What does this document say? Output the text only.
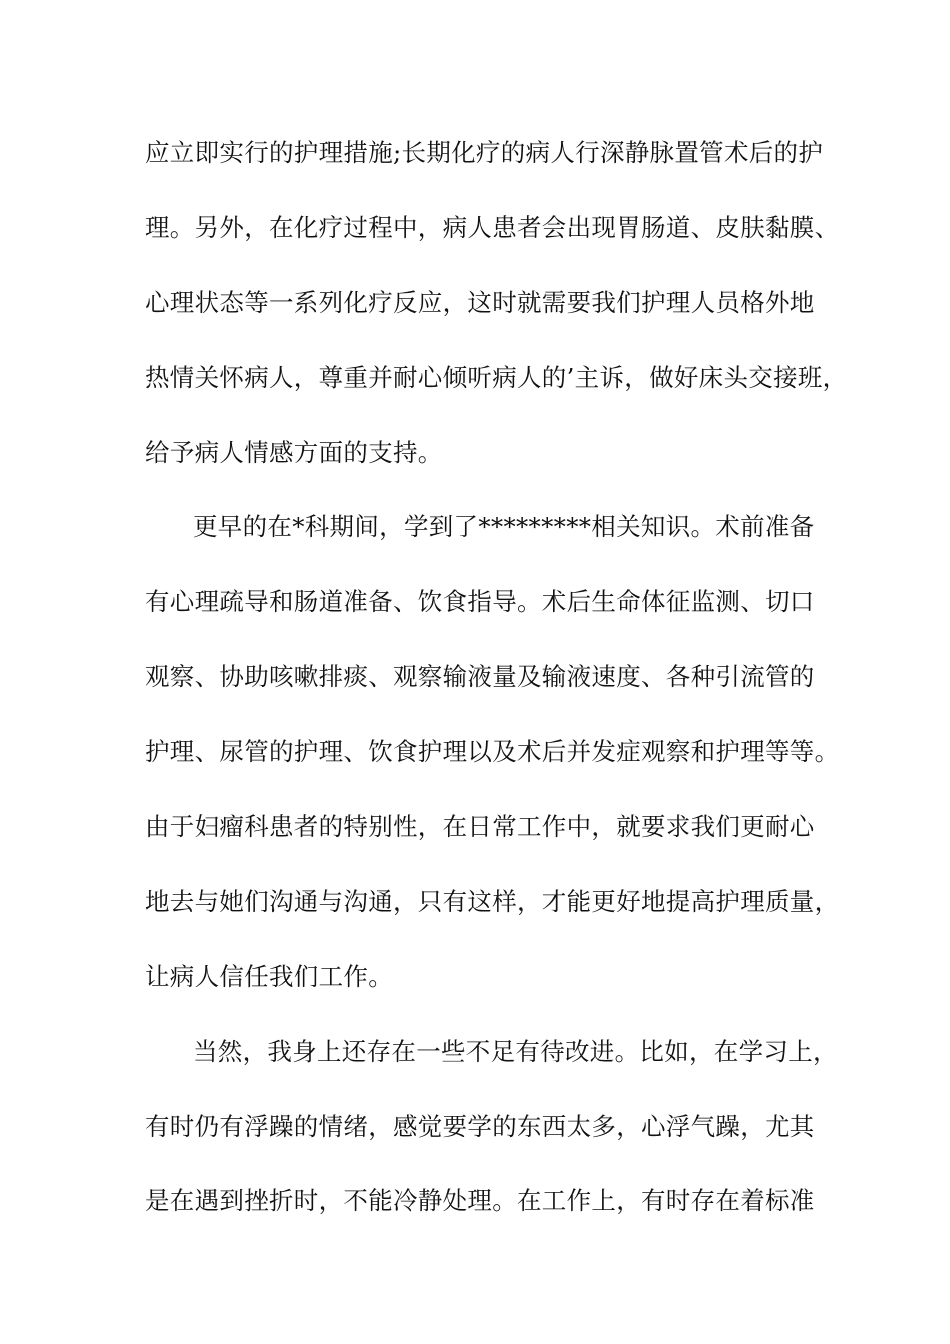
应立即实行的护理措施;长期化疗的病人行深静脉置管术后的护
理。另外，在化疗过程中，病人患者会出现胃肠道、皮肤黏膜、
心理状态等一系列化疗反应，这时就需要我们护理人员格外地
热情关怀病人，尊重并耐心倾听病人的’主诉，做好床头交接班，
给予病人情感方面的支持。
更早的在*科期间，学到了*********相关知识。术前准备
有心理疏导和肠道准备、饮食指导。术后生命体征监测、切口
观察、协助咳嗽排痰、观察输液量及输液速度、各种引流管的
护理、尿管的护理、饮食护理以及术后并发症观察和护理等等。
由于妇瘤科患者的特别性，在日常工作中，就要求我们更耐心
地去与她们沟通与沟通，只有这样，才能更好地提高护理质量，
让病人信任我们工作。
当然，我身上还存在一些不足有待改进。比如，在学习上，
有时仍有浮躁的情绪，感觉要学的东西太多，心浮气躁，尤其
是在遇到挫折时，不能冷静处理。在工作上，有时存在着标准
